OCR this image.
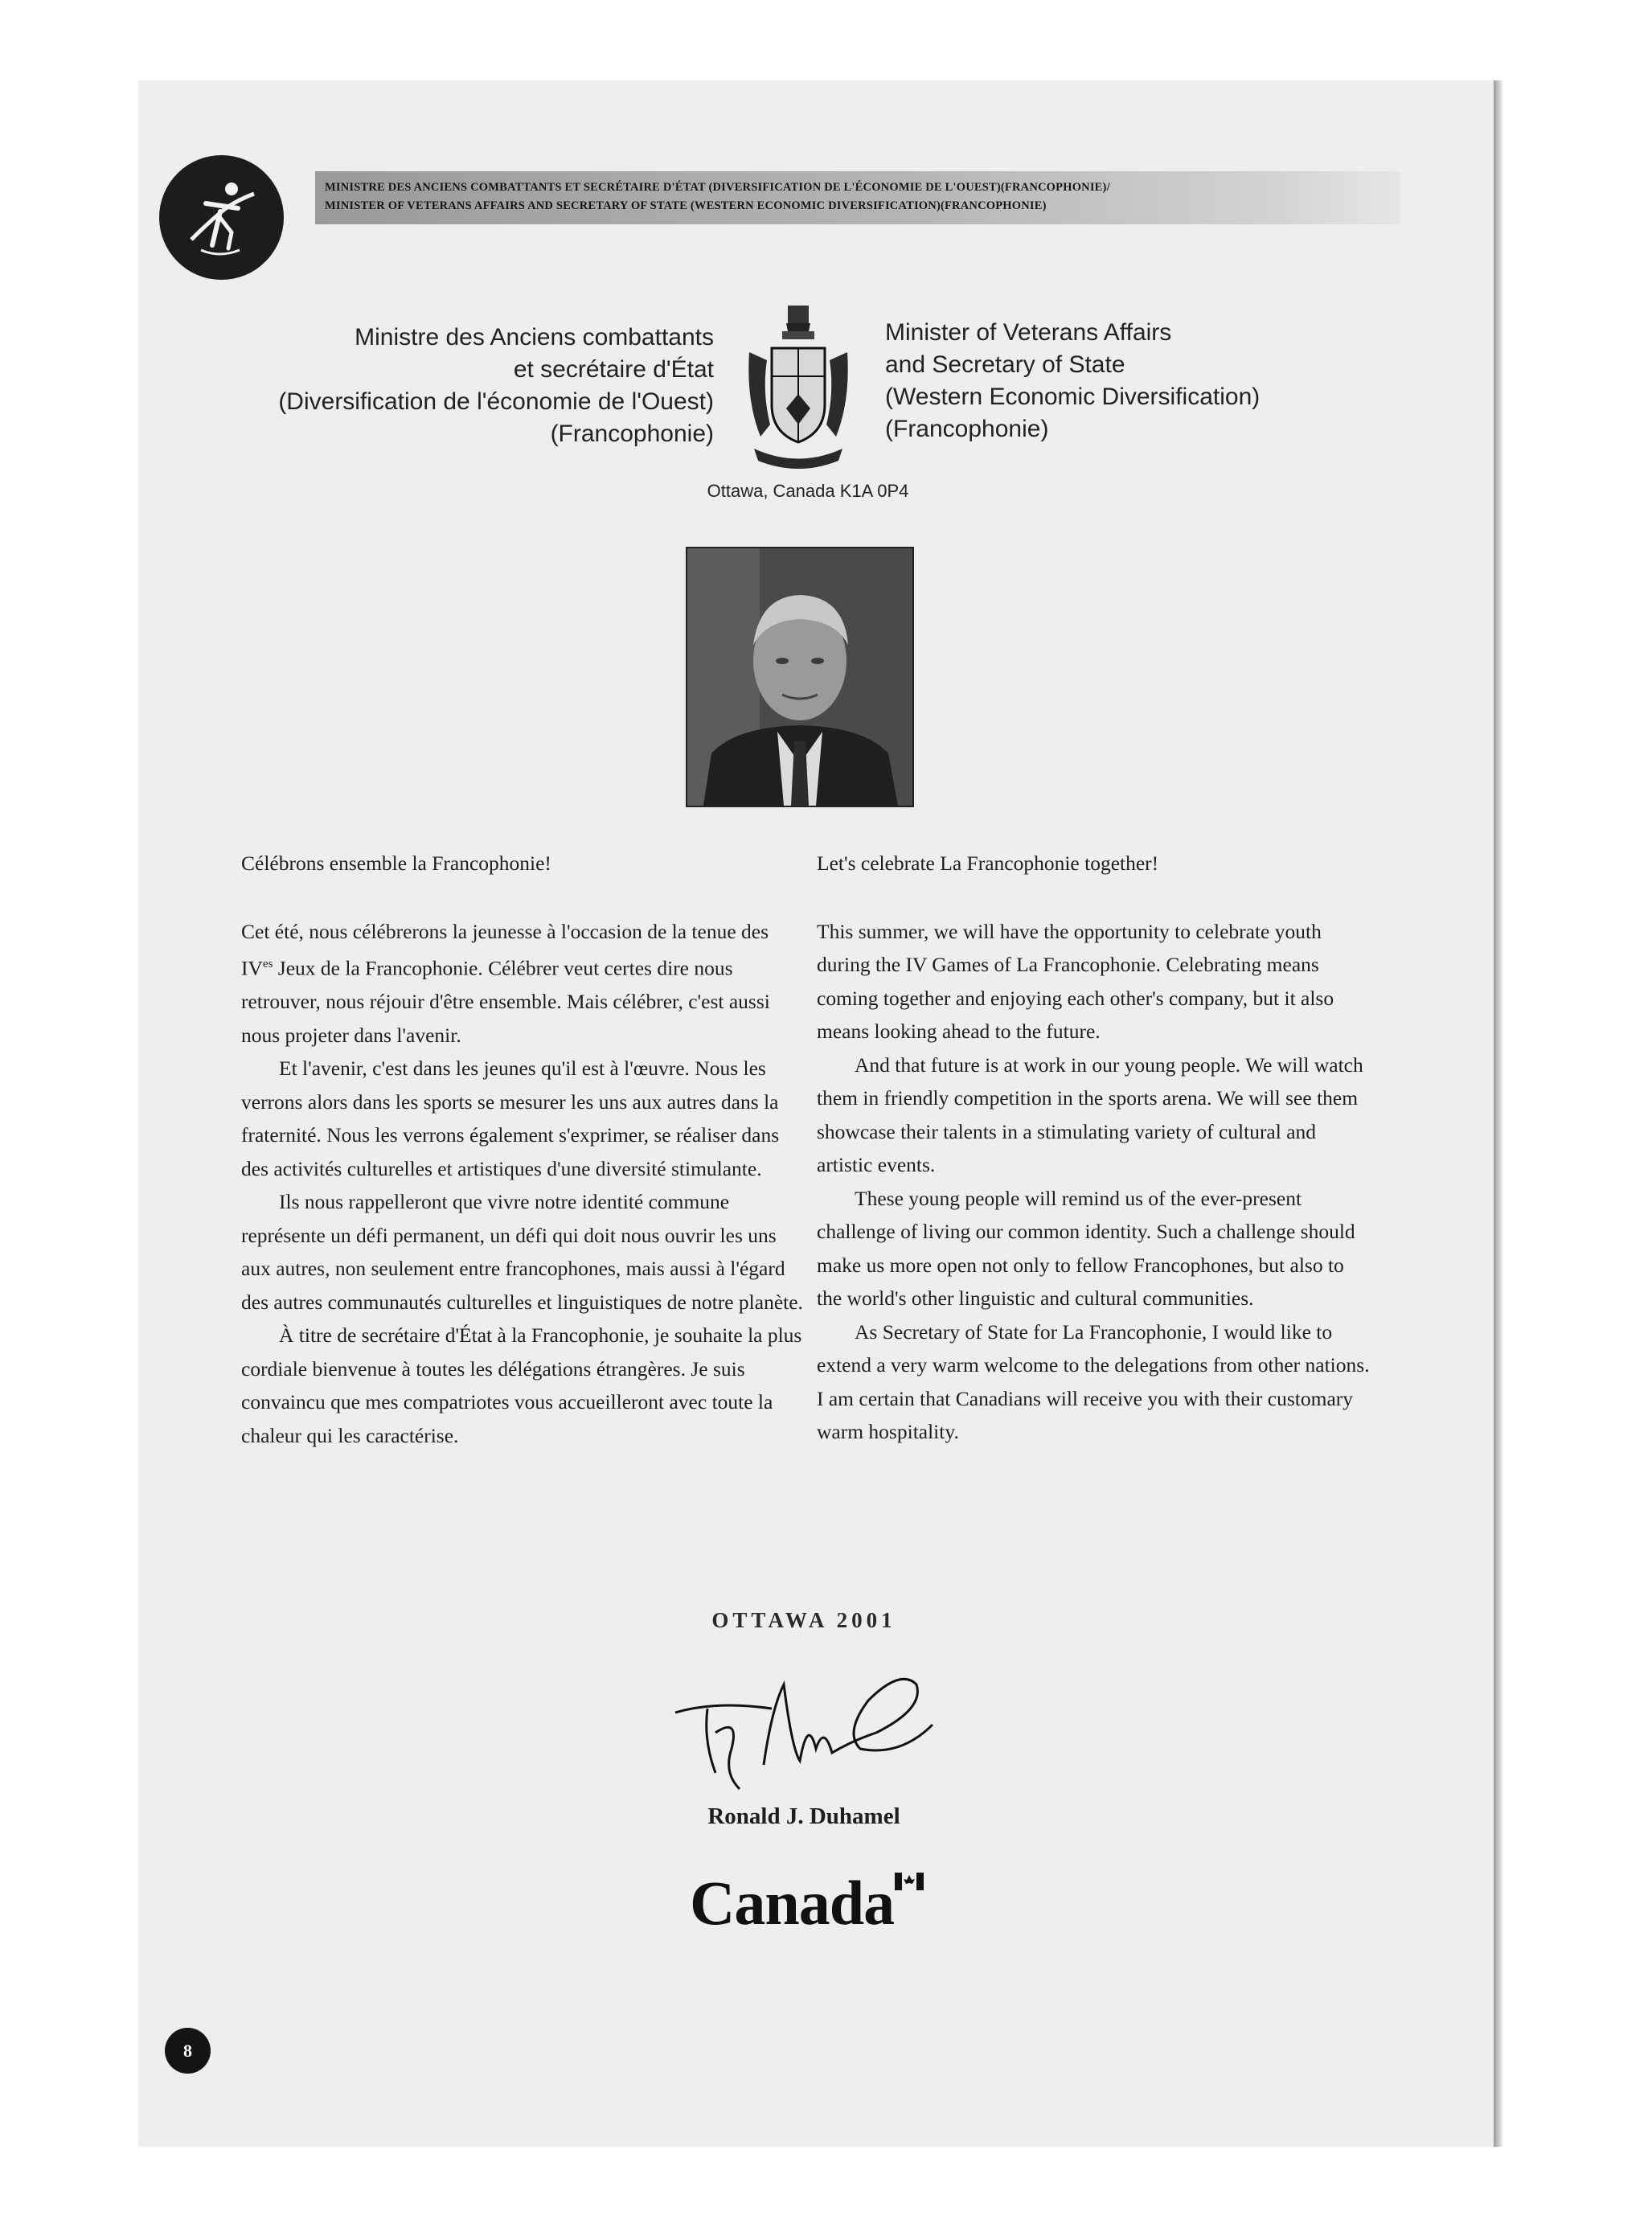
MINISTRE DES ANCIENS COMBATTANTS ET SECRÉTAIRE D'ÉTAT (DIVERSIFICATION DE L'ÉCONOMIE DE L'OUEST)(FRANCOPHONIE)/
MINISTER OF VETERANS AFFAIRS AND SECRETARY OF STATE (WESTERN ECONOMIC DIVERSIFICATION)(FRANCOPHONIE)
Ministre des Anciens combattants
et secrétaire d'État
(Diversification de l'économie de l'Ouest)
(Francophonie)
Minister of Veterans Affairs
and Secretary of State
(Western Economic Diversification)
(Francophonie)
Ottawa, Canada K1A 0P4

Célébrons ensemble la Francophonie!

Cet été, nous célébrerons la jeunesse à l'occasion de la tenue des $IV^{es}$ Jeux de la Francophonie. Célébrer veut certes dire nous retrouver, nous réjouir d'être ensemble. Mais célébrer, c'est aussi nous projeter dans l'avenir.

Et l'avenir, c'est dans les jeunes qu'il est à l'œuvre. Nous les verrons alors dans les sports se mesurer les uns aux autres dans la fraternité. Nous les verrons également s'exprimer, se réaliser dans des activités culturelles et artistiques d'une diversité stimulante.

Ils nous rappelleront que vivre notre identité commune représente un défi permanent, un défi qui doit nous ouvrir les uns aux autres, non seulement entre francophones, mais aussi à l'égard des autres communautés culturelles et linguistiques de notre planète.

À titre de secrétaire d'État à la Francophonie, je souhaite la plus cordiale bienvenue à toutes les délégations étrangères. Je suis convaincu que mes compatriotes vous accueilleront avec toute la chaleur qui les caractérise.

Let's celebrate La Francophonie together!

This summer, we will have the opportunity to celebrate youth during the IV Games of La Francophonie. Celebrating means coming together and enjoying each other's company, but it also means looking ahead to the future.

And that future is at work in our young people. We will watch them in friendly competition in the sports arena. We will see them showcase their talents in a stimulating variety of cultural and artistic events.

These young people will remind us of the ever-present challenge of living our common identity. Such a challenge should make us more open not only to fellow Francophones, but also to the world's other linguistic and cultural communities.

As Secretary of State for La Francophonie, I would like to extend a very warm welcome to the delegations from other nations. I am certain that Canadians will receive you with their customary warm hospitality.

OTTAWA 2001
Ronald J. Duhamel
Canada
8
